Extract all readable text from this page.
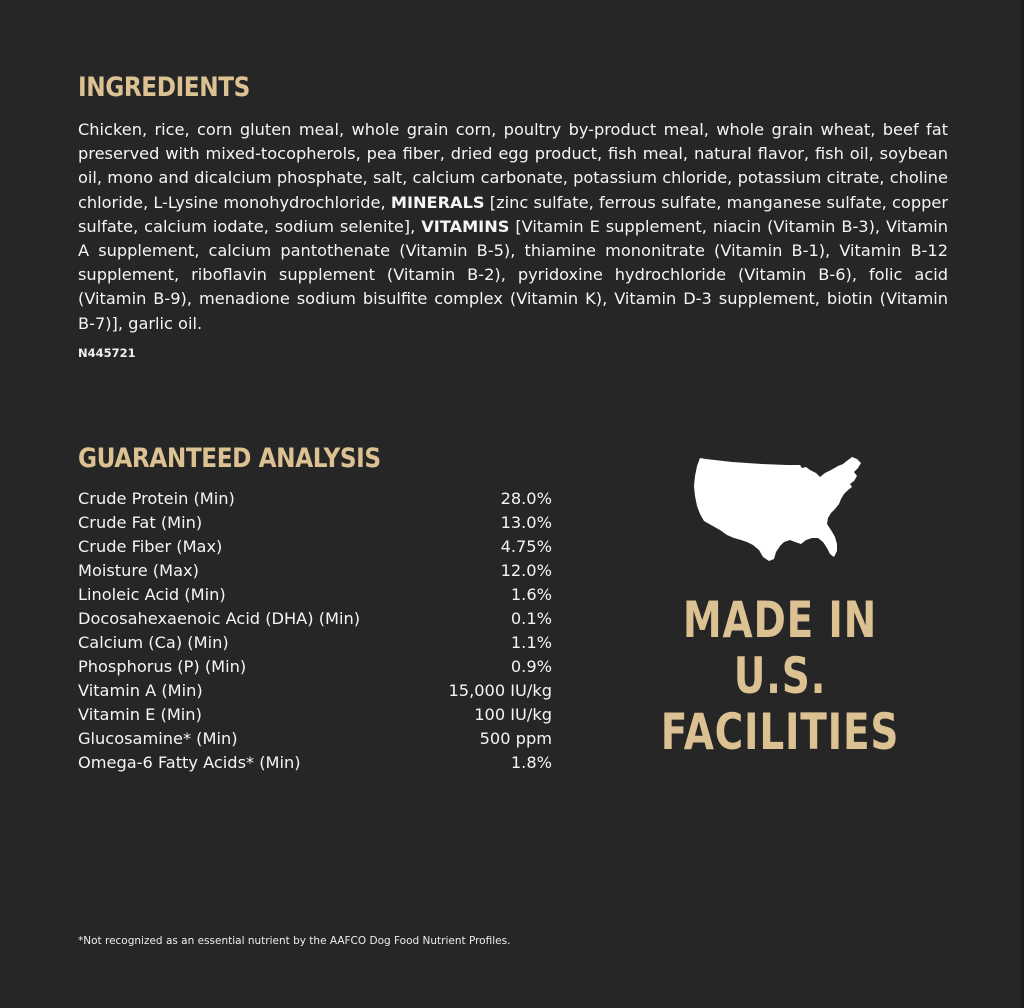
INGREDIENTS
Chicken, rice, corn gluten meal, whole grain corn, poultry by-product meal, whole grain wheat, beef fat preserved with mixed-tocopherols, pea fiber, dried egg product, fish meal, natural flavor, fish oil, soybean oil, mono and dicalcium phosphate, salt, calcium carbonate, potassium chloride, potassium citrate, choline chloride, L-Lysine monohydrochloride, MINERALS [zinc sulfate, ferrous sulfate, manganese sulfate, copper sulfate, calcium iodate, sodium selenite], VITAMINS [Vitamin E supplement, niacin (Vitamin B-3), Vitamin A supplement, calcium pantothenate (Vitamin B-5), thiamine mononitrate (Vitamin B-1), Vitamin B-12 supplement, riboflavin supplement (Vitamin B-2), pyridoxine hydrochloride (Vitamin B-6), folic acid (Vitamin B-9), menadione sodium bisulfite complex (Vitamin K), Vitamin D-3 supplement, biotin (Vitamin B-7)], garlic oil.
N445721
GUARANTEED ANALYSIS
Crude Protein (Min)	28.0%
Crude Fat (Min)	13.0%
Crude Fiber (Max)	4.75%
Moisture (Max)	12.0%
Linoleic Acid (Min)	1.6%
Docosahexaenoic Acid (DHA) (Min)	0.1%
Calcium (Ca) (Min)	1.1%
Phosphorus (P) (Min)	0.9%
Vitamin A (Min)	15,000 IU/kg
Vitamin E (Min)	100 IU/kg
Glucosamine* (Min)	500 ppm
Omega-6 Fatty Acids* (Min)	1.8%
MADE IN
U.S.
FACILITIES
*Not recognized as an essential nutrient by the AAFCO Dog Food Nutrient Profiles.
